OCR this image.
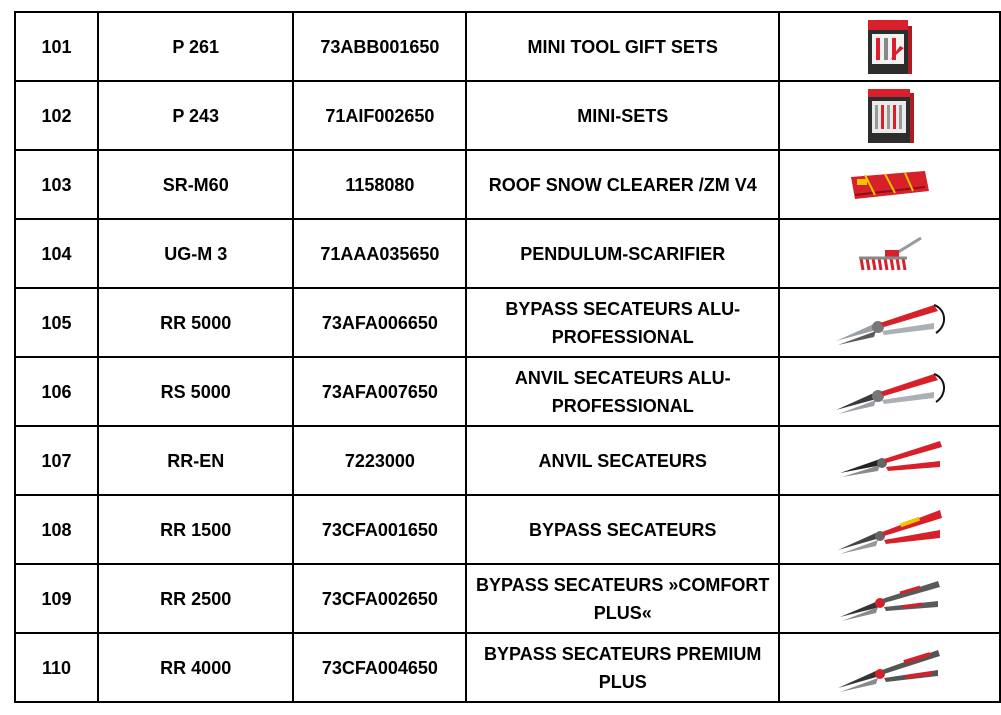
101	P 261	73ABB001650	MINI TOOL GIFT SETS	

102	P 243	71AIF002650	MINI-SETS	

103	SR-M60	1158080	ROOF SNOW CLEARER /ZM V4	

104	UG-M 3	71AAA035650	PENDULUM-SCARIFIER	

105	RR 5000	73AFA006650	BYPASS SECATEURS ALU-PROFESSIONAL	

106	RS 5000	73AFA007650	ANVIL SECATEURS ALU-PROFESSIONAL	

107	RR-EN	7223000	ANVIL SECATEURS	

108	RR 1500	73CFA001650	BYPASS SECATEURS	

109	RR 2500	73CFA002650	BYPASS SECATEURS »COMFORT PLUS«	

110	RR 4000	73CFA004650	BYPASS SECATEURS PREMIUM PLUS	
